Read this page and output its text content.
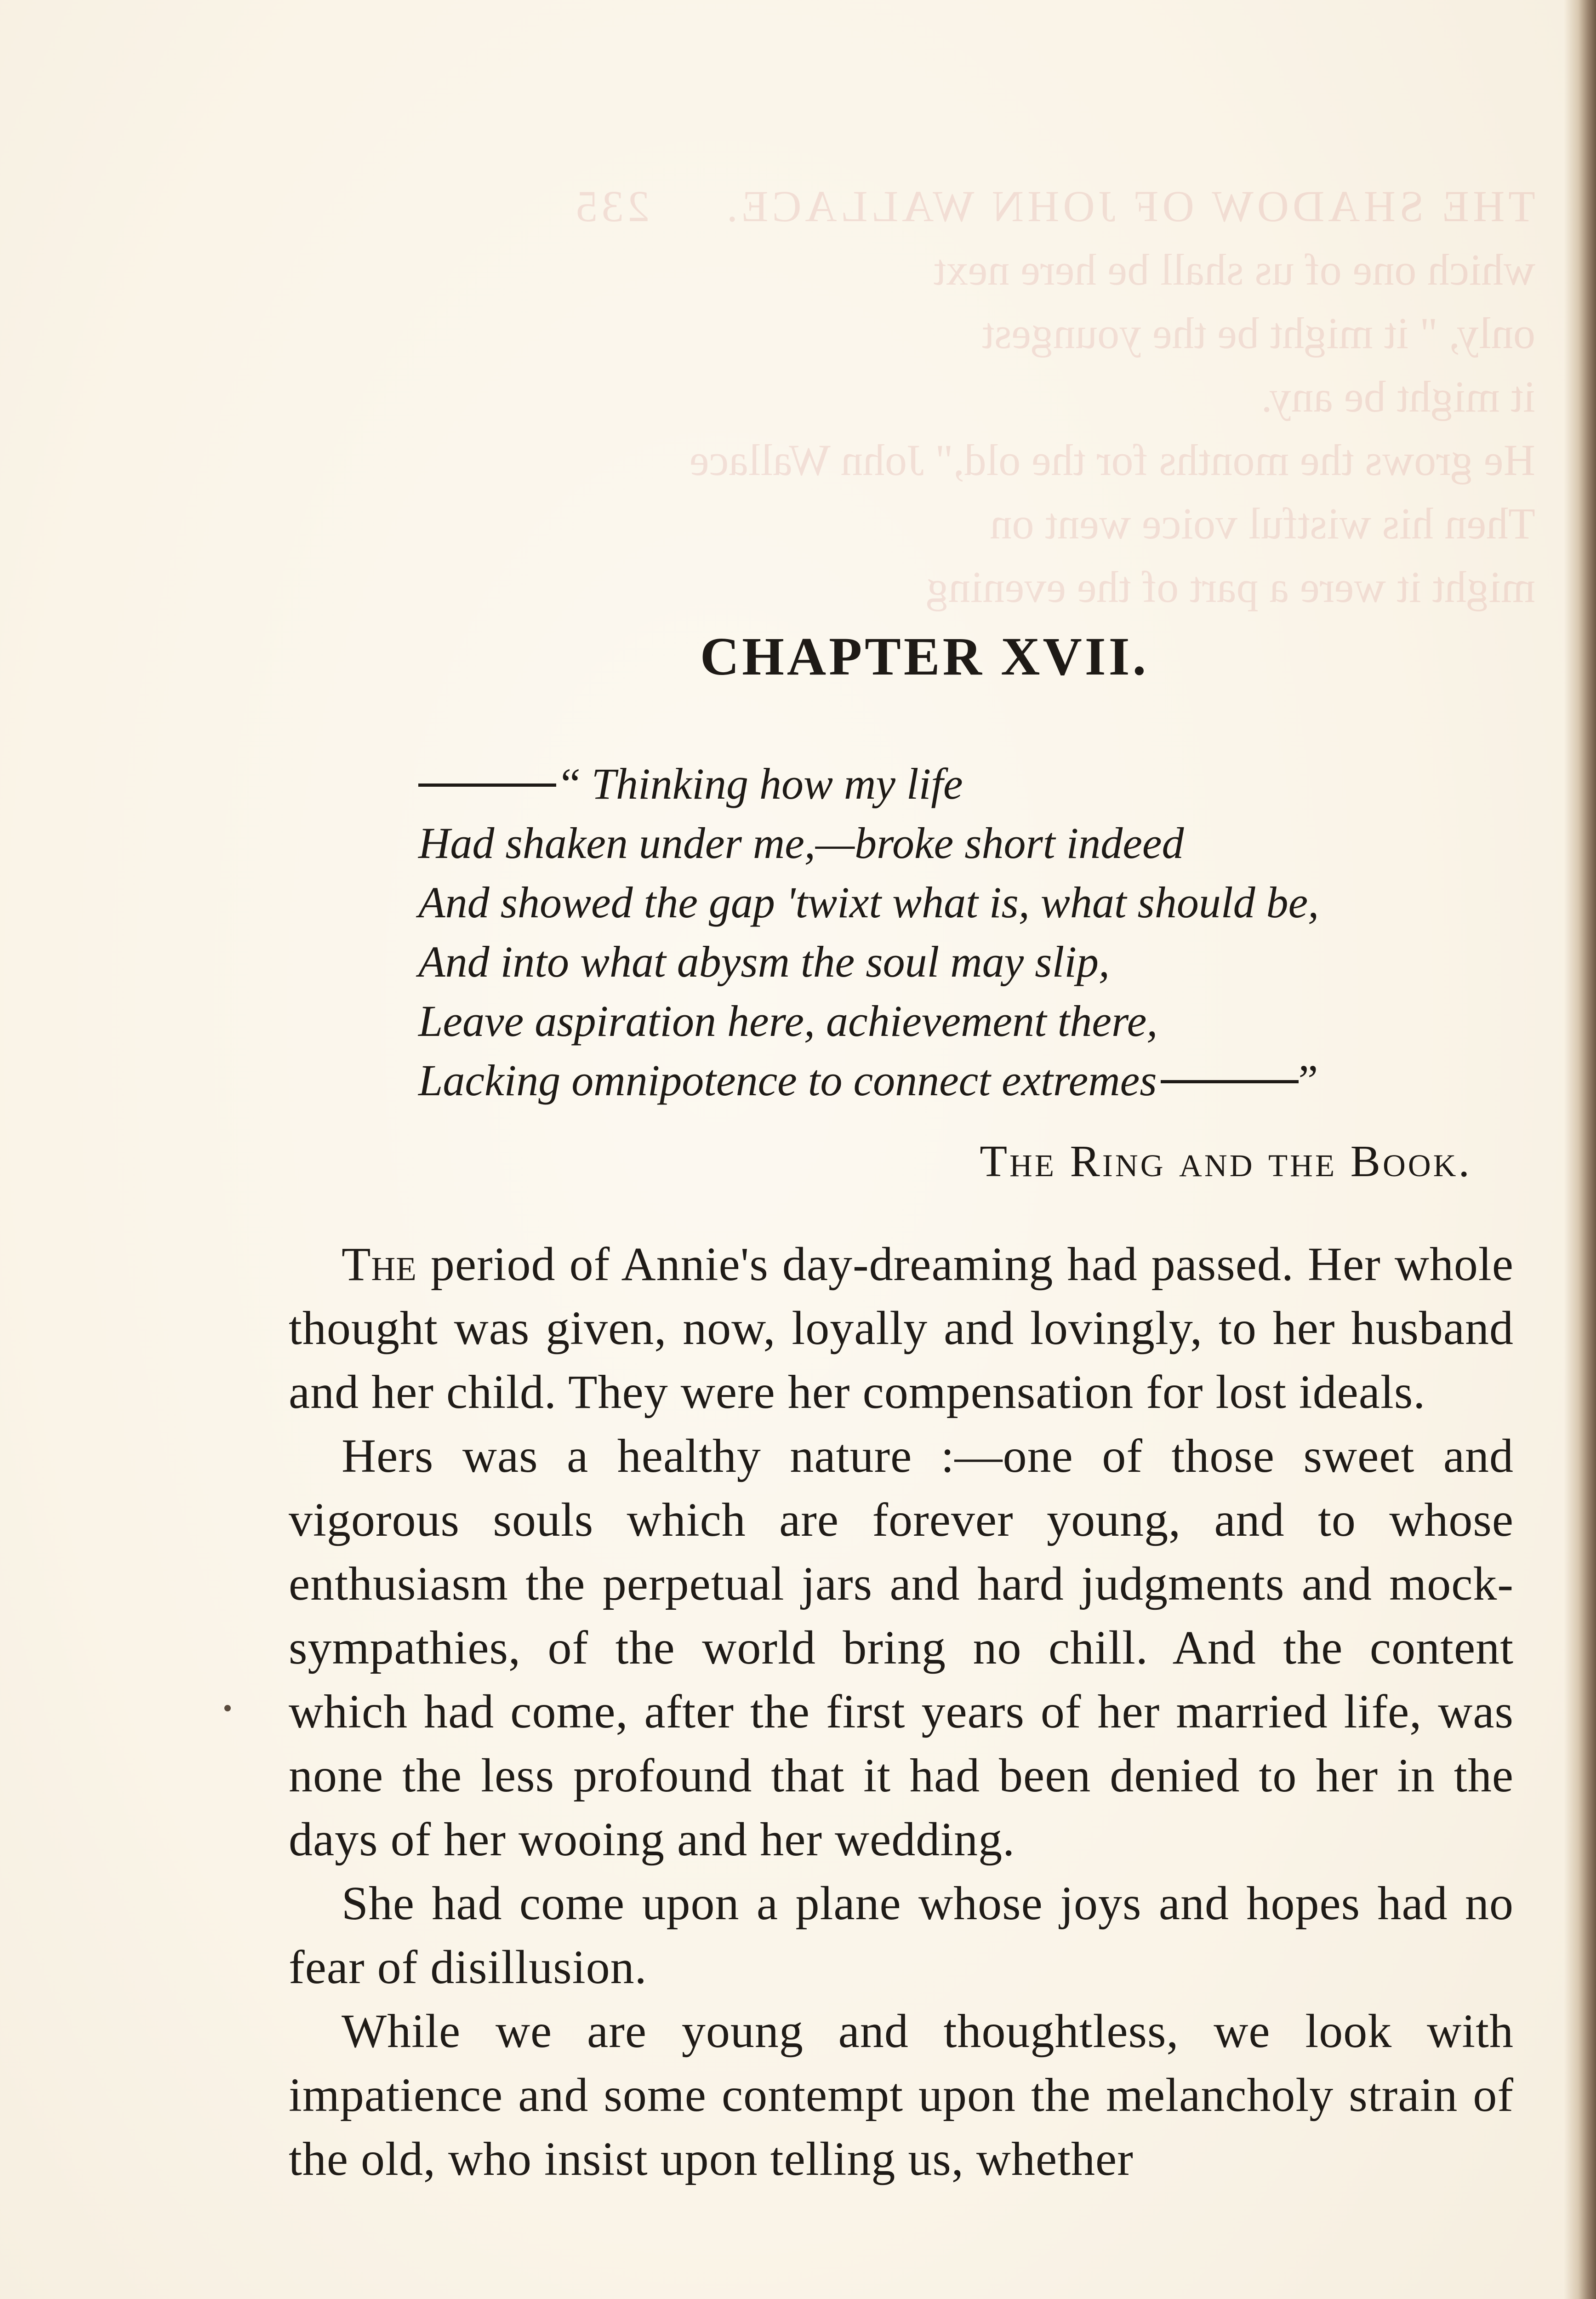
THE SHADOW OF JOHN WALLACE.     235
which one of us shall be here next
only, " it might be the youngest
it might be any.
He grows the months for the old," John Wallace
Then his wistful voice went on
might it were a part of the evening
CHAPTER XVII.
“ Thinking how my life
Had shaken under me,—broke short indeed
And showed the gap 'twixt what is, what should be,
And into what abysm the soul may slip,
Leave aspiration here, achievement there,
Lacking omnipotence to connect extremes	”
The Ring and the Book.

The period of Annie's day-dreaming had passed. Her whole thought was given, now, loyally and lovingly, to her husband and her child. They were her compensation for lost ideals.

Hers was a healthy nature :—one of those sweet and vigorous souls which are forever young, and to whose enthusiasm the perpetual jars and hard judgments and mock-sympathies, of the world bring no chill. And the content which had come, after the first years of her married life, was none the less profound that it had been denied to her in the days of her wooing and her wedding.

She had come upon a plane whose joys and hopes had no fear of disillusion.

While we are young and thoughtless, we look with impatience and some contempt upon the melancholy strain of the old, who insist upon telling us, whether
